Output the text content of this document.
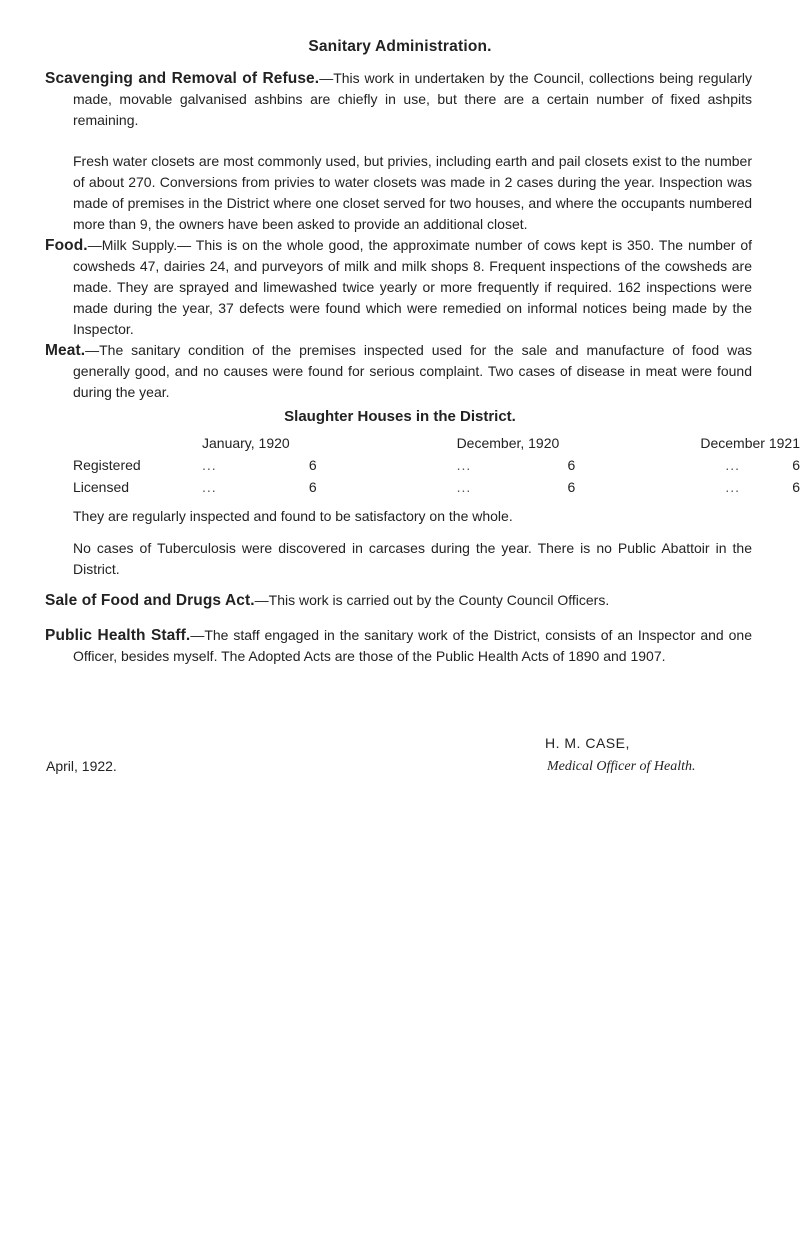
Sanitary Administration.

Scavenging and Removal of Refuse.—This work in undertaken by the Council, collections being regularly made, movable galvanised ashbins are chiefly in use, but there are a certain number of fixed ashpits remaining.

Fresh water closets are most commonly used, but privies, including earth and pail closets exist to the number of about 270. Conversions from privies to water closets was made in 2 cases during the year. Inspection was made of premises in the District where one closet served for two houses, and where the occupants numbered more than 9, the owners have been asked to provide an additional closet.

Food.—Milk Supply.— This is on the whole good, the approximate number of cows kept is 350. The number of cowsheds 47, dairies 24, and purveyors of milk and milk shops 8. Frequent inspections of the cowsheds are made. They are sprayed and limewashed twice yearly or more frequently if required. 162 inspections were made during the year, 37 defects were found which were remedied on informal notices being made by the Inspector.

Meat.—The sanitary condition of the premises inspected used for the sale and manufacture of food was generally good, and no causes were found for serious complaint. Two cases of disease in meat were found during the year.

Slaughter Houses in the District.
	January, 1920	December, 1920	December 1921
Registered	... 6	... 6	... 6
Licensed	... 6	... 6	... 6

They are regularly inspected and found to be satisfactory on the whole.

No cases of Tuberculosis were discovered in carcases during the year. There is no Public Abattoir in the District.

Sale of Food and Drugs Act.—This work is carried out by the County Council Officers.

Public Health Staff.—The staff engaged in the sanitary work of the District, consists of an Inspector and one Officer, besides myself. The Adopted Acts are those of the Public Health Acts of 1890 and 1907.

H. M. CASE,
Medical Officer of Health.
April, 1922.
